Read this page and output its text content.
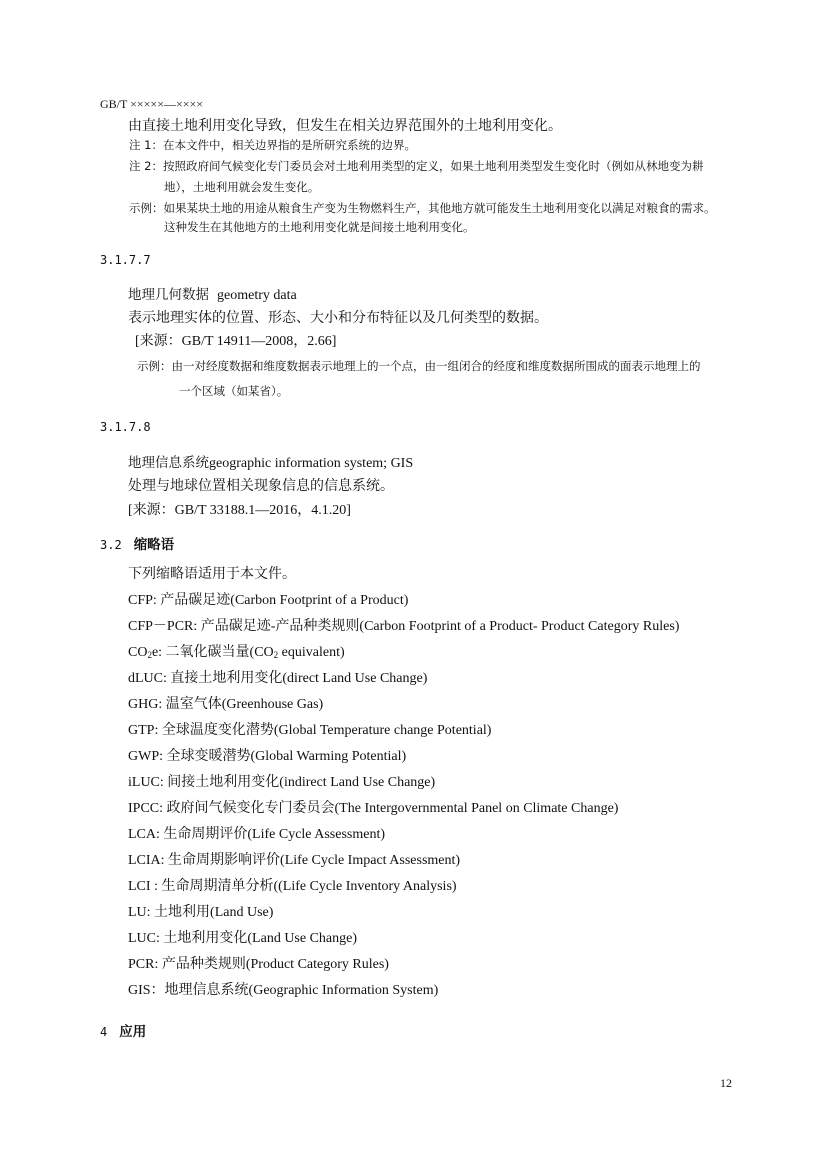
GB/T ×××××—××××
由直接土地利用变化导致，但发生在相关边界范围外的土地利用变化。
注 1：在本文件中，相关边界指的是所研究系统的边界。
注 2：按照政府间气候变化专门委员会对土地利用类型的定义，如果土地利用类型发生变化时（例如从林地变为耕
地），土地利用就会发生变化。
示例：如果某块土地的用途从粮食生产变为生物燃料生产，其他地方就可能发生土地利用变化以满足对粮食的需求。
这种发生在其他地方的土地利用变化就是间接土地利用变化。
3.1.7.7
地理几何数据 geometry data
表示地理实体的位置、形态、大小和分布特征以及几何类型的数据。
[来源：GB/T 14911—2008，2.66]
示例：由一对经度数据和维度数据表示地理上的一个点，由一组闭合的经度和维度数据所围成的面表示地理上的
一个区域（如某省）。
3.1.7.8
地理信息系统geographic information system; GIS
处理与地球位置相关现象信息的信息系统。
[来源：GB/T 33188.1—2016，4.1.20]
3.2 缩略语
下列缩略语适用于本文件。
CFP: 产品碳足迹(Carbon Footprint of a Product)
CFP－PCR: 产品碳足迹-产品种类规则(Carbon Footprint of a Product- Product Category Rules)
$CO_2e$: 二氧化碳当量($CO_2$ equivalent)
dLUC: 直接土地利用变化(direct Land Use Change)
GHG: 温室气体(Greenhouse Gas)
GTP: 全球温度变化潜势(Global Temperature change Potential)
GWP: 全球变暖潜势(Global Warming Potential)
iLUC: 间接土地利用变化(indirect Land Use Change)
IPCC: 政府间气候变化专门委员会(The Intergovernmental Panel on Climate Change)
LCA: 生命周期评价(Life Cycle Assessment)
LCIA: 生命周期影响评价(Life Cycle Impact Assessment)
LCI : 生命周期清单分析((Life Cycle Inventory Analysis)
LU: 土地利用(Land Use)
LUC: 土地利用变化(Land Use Change)
PCR: 产品种类规则(Product Category Rules)
GIS：地理信息系统(Geographic Information System)
4 应用
12
